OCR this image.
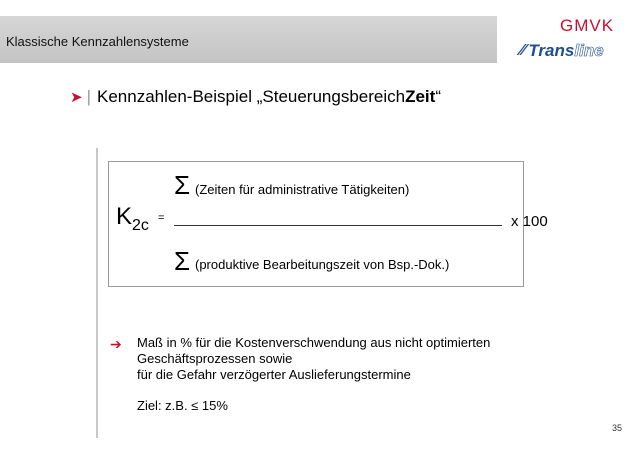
Klassische Kennzahlensysteme
GMVK
⁄⁄ Trans line
➤ | Kennzahlen-Beispiel „Steuerungsbereich Zeit “
Σ (Zeiten für administrative Tätigkeiten)
$K_{2c}$ =	x 100
Σ (produktive Bearbeitungszeit von Bsp.-Dok.)
➔ Maß in % für die Kostenverschwendung aus nicht optimierten
Geschäftsprozessen sowie
für die Gefahr verzögerter Auslieferungstermine
Ziel: z.B. ≤ 15%
35
